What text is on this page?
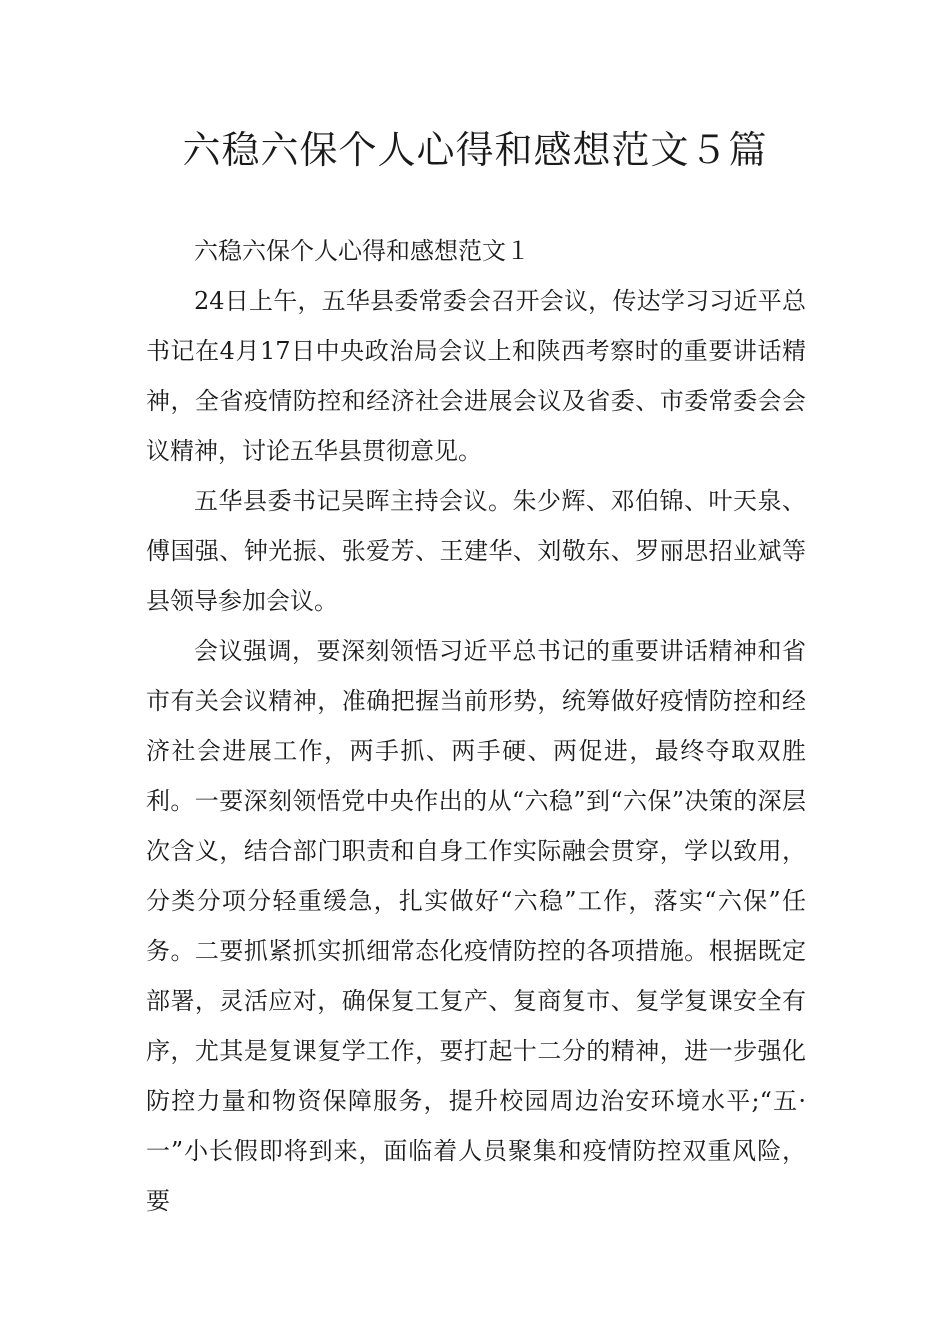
六稳六保个人心得和感想范文５篇

六稳六保个人心得和感想范文１

24日上午，五华县委常委会召开会议，传达学习习近平总书记在4月17日中央政治局会议上和陕西考察时的重要讲话精神，全省疫情防控和经济社会进展会议及省委、市委常委会会议精神，讨论五华县贯彻意见。

五华县委书记吴晖主持会议。朱少辉、邓伯锦、叶天泉、傅国强、钟光振、张爱芳、王建华、刘敬东、罗丽思招业斌等县领导参加会议。

会议强调，要深刻领悟习近平总书记的重要讲话精神和省市有关会议精神，准确把握当前形势，统筹做好疫情防控和经济社会进展工作，两手抓、两手硬、两促进，最终夺取双胜利。一要深刻领悟党中央作出的从“六稳”到“六保”决策的深层次含义，结合部门职责和自身工作实际融会贯穿，学以致用，分类分项分轻重缓急，扎实做好“六稳”工作，落实“六保”任务。二要抓紧抓实抓细常态化疫情防控的各项措施。根据既定部署，灵活应对，确保复工复产、复商复市、复学复课安全有序，尤其是复课复学工作，要打起十二分的精神，进一步强化防控力量和物资保障服务，提升校园周边治安环境水平;“五·一”小长假即将到来，面临着人员聚集和疫情防控双重风险，要
